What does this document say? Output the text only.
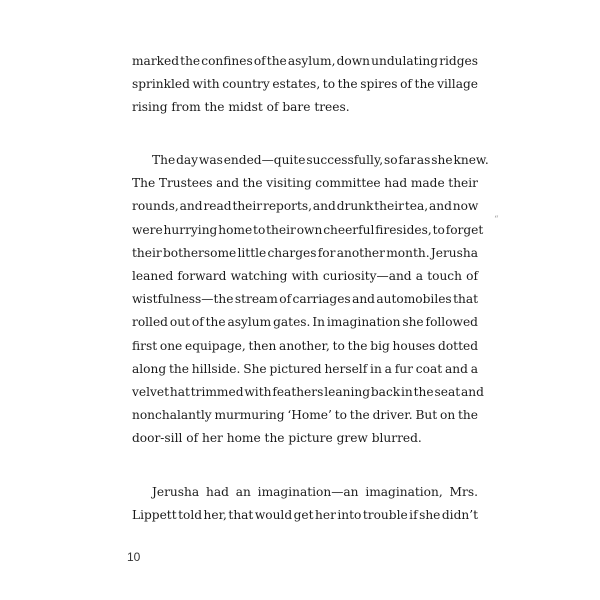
marked the confines of the asylum, down undulating ridges
sprinkled with country estates, to the spires of the village
rising from the midst of bare trees.

The day was ended—quite successfully, so far as she knew.
The Trustees and the visiting committee had made their
rounds, and read their reports, and drunk their tea, and now
were hurrying home to their own cheerful firesides, to forget
their bothersome little charges for another month. Jerusha
leaned forward watching with curiosity—and a touch of
wistfulness—the stream of carriages and automobiles that
rolled out of the asylum gates. In imagination she followed
first one equipage, then another, to the big houses dotted
along the hillside. She pictured herself in a fur coat and a
velvet hat trimmed with feathers leaning back in the seat and
nonchalantly murmuring ‘Home’ to the driver. But on the
door-sill of her home the picture grew blurred.

Jerusha had an imagination—an imagination, Mrs.
Lippett told her, that would get her into trouble if she didn’t

“
10
